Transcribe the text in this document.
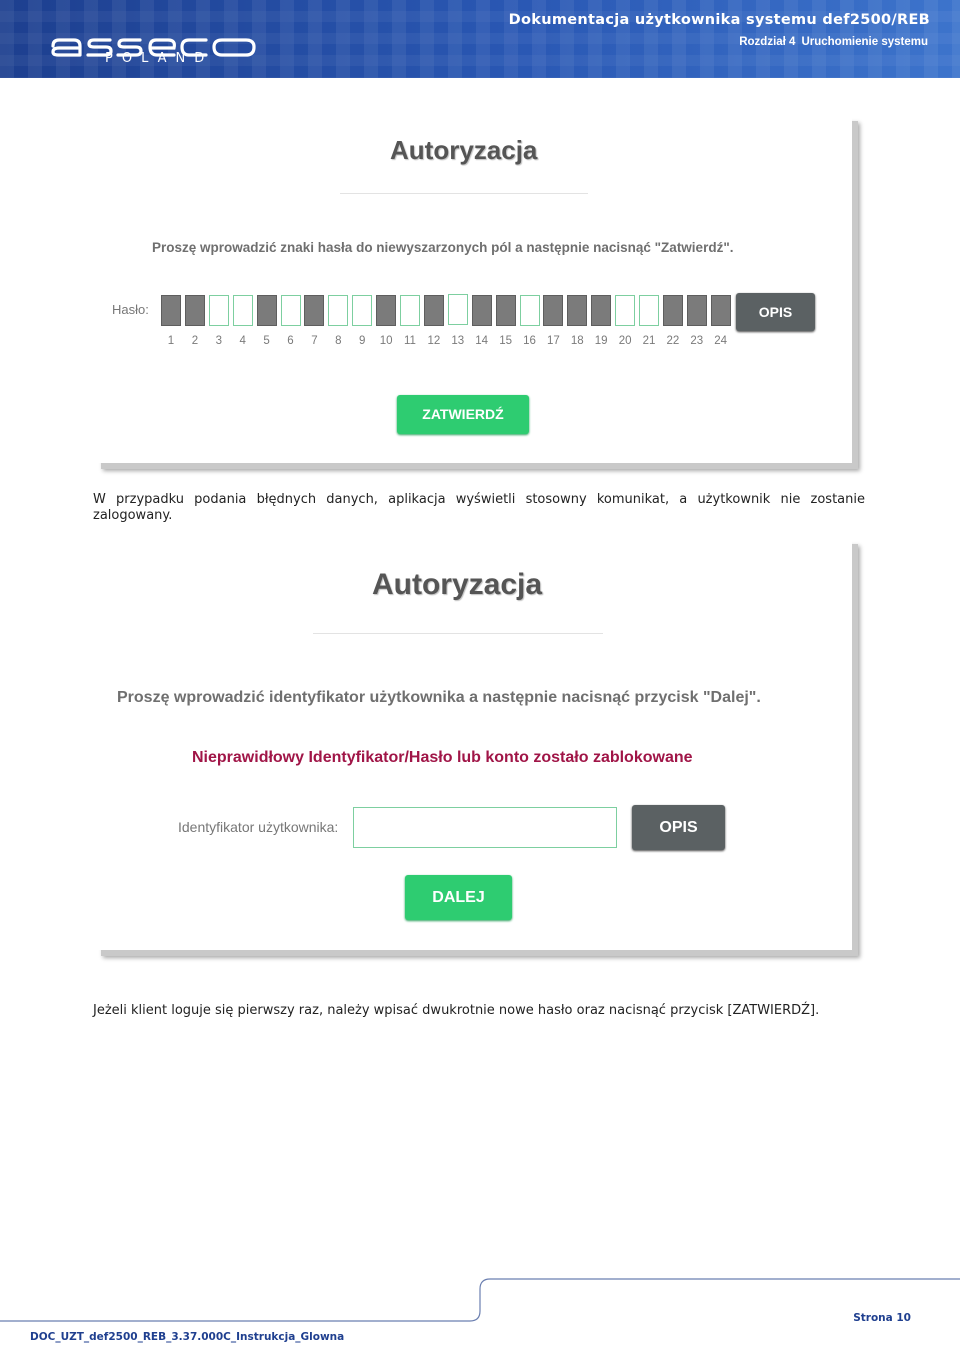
POLAND
Dokumentacja użytkownika systemu def2500/REB
Rozdział 4 Uruchomienie systemu
Autoryzacja
Proszę wprowadzić znaki hasła do niewyszarzonych pól a następnie nacisnąć "Zatwierdź".
Hasło:
1	2	3	4	5	6	7	8	9	10	11	12 13 14 15 16 17 18 19 20 21 22 23 24
OPIS
ZATWIERDŹ
W przypadku podania błędnych danych, aplikacja wyświetli stosowny komunikat, a użytkownik nie zostanie zalogowany.
Autoryzacja
Proszę wprowadzić identyfikator użytkownika a następnie nacisnąć przycisk "Dalej".
Nieprawidłowy Identyfikator/Hasło lub konto zostało zablokowane
Identyfikator użytkownika:	OPIS
DALEJ
Jeżeli klient loguje się pierwszy raz, należy wpisać dwukrotnie nowe hasło oraz nacisnąć przycisk [ZATWIERDŹ].
DOC_UZT_def2500_REB_3.37.000C_Instrukcja_Glowna
Strona 10
